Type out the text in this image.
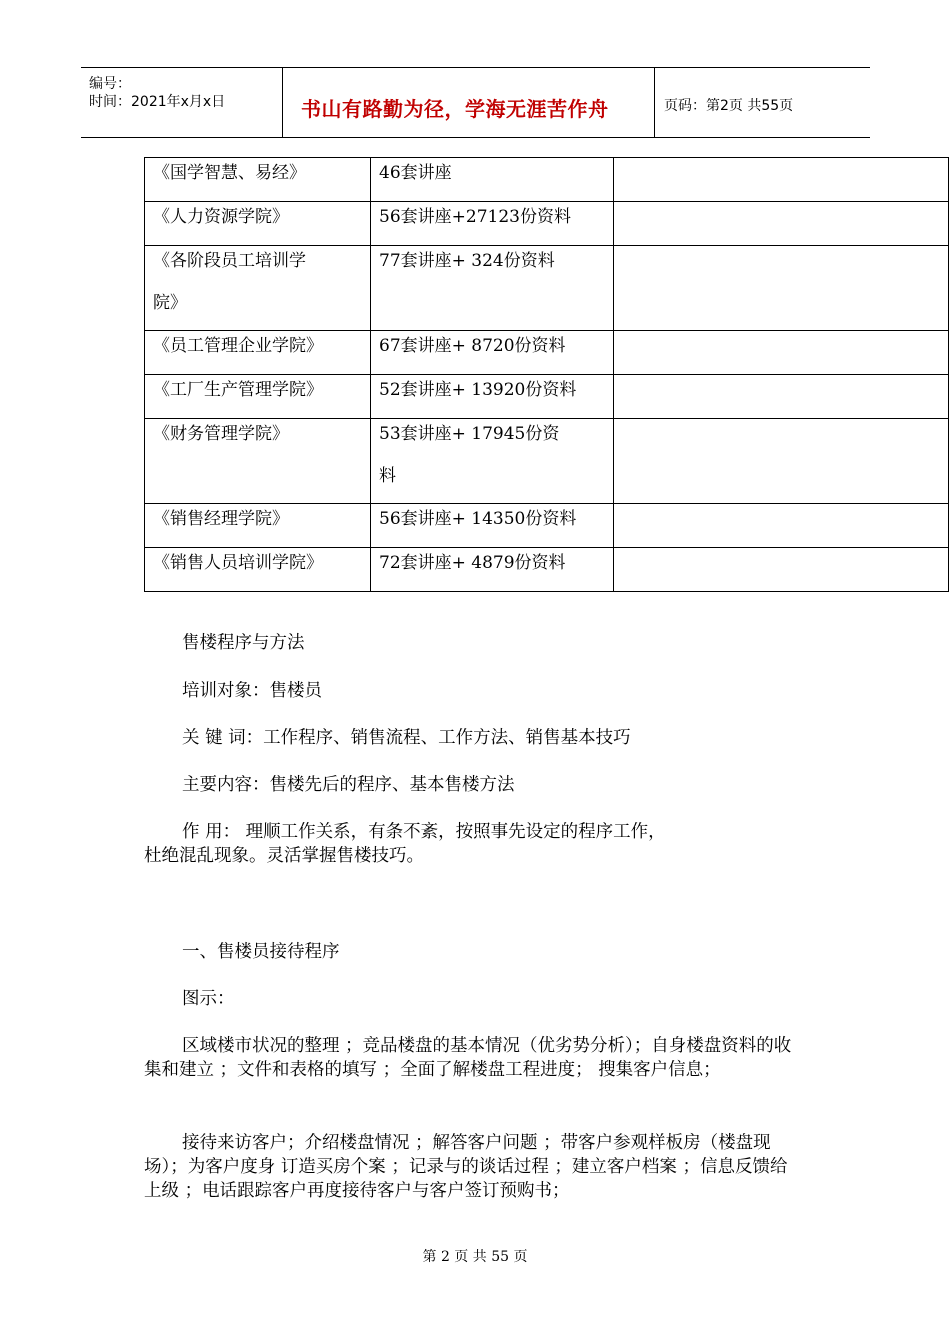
编号：
时间：2021年x月x日	书山有路勤为径，学海无涯苦作舟	页码：第2页 共55页
《国学智慧、易经》	46套讲座	
《人力资源学院》	56套讲座+27123份资料	
《各阶段员工培训学
院》	77套讲座+ 324份资料	
《员工管理企业学院》	67套讲座+ 8720份资料	
《工厂生产管理学院》	52套讲座+ 13920份资料	
《财务管理学院》	53套讲座+ 17945份资
料	

《销售经理学院》	56套讲座+ 14350份资料	
《销售人员培训学院》	72套讲座+ 4879份资料	
售楼程序与方法
培训对象：售楼员
关 键 词：工作程序、销售流程、工作方法、销售基本技巧
主要内容：售楼先后的程序、基本售楼方法
作 用： 理顺工作关系，有条不紊，按照事先设定的程序工作，
杜绝混乱现象。灵活掌握售楼技巧。
一、售楼员接待程序
图示：
区域楼市状况的整理 ；竞品楼盘的基本情况（优劣势分析）；自身楼盘资料的收集和建立 ；文件和表格的填写 ；全面了解楼盘工程进度； 搜集客户信息；
接待来访客户；介绍楼盘情况 ；解答客户问题 ；带客户参观样板房（楼盘现场）；为客户度身 订造买房个案 ；记录与的谈话过程 ；建立客户档案 ；信息反馈给上级 ；电话跟踪客户再度接待客户与客户签订预购书；
第 2 页 共 55 页
